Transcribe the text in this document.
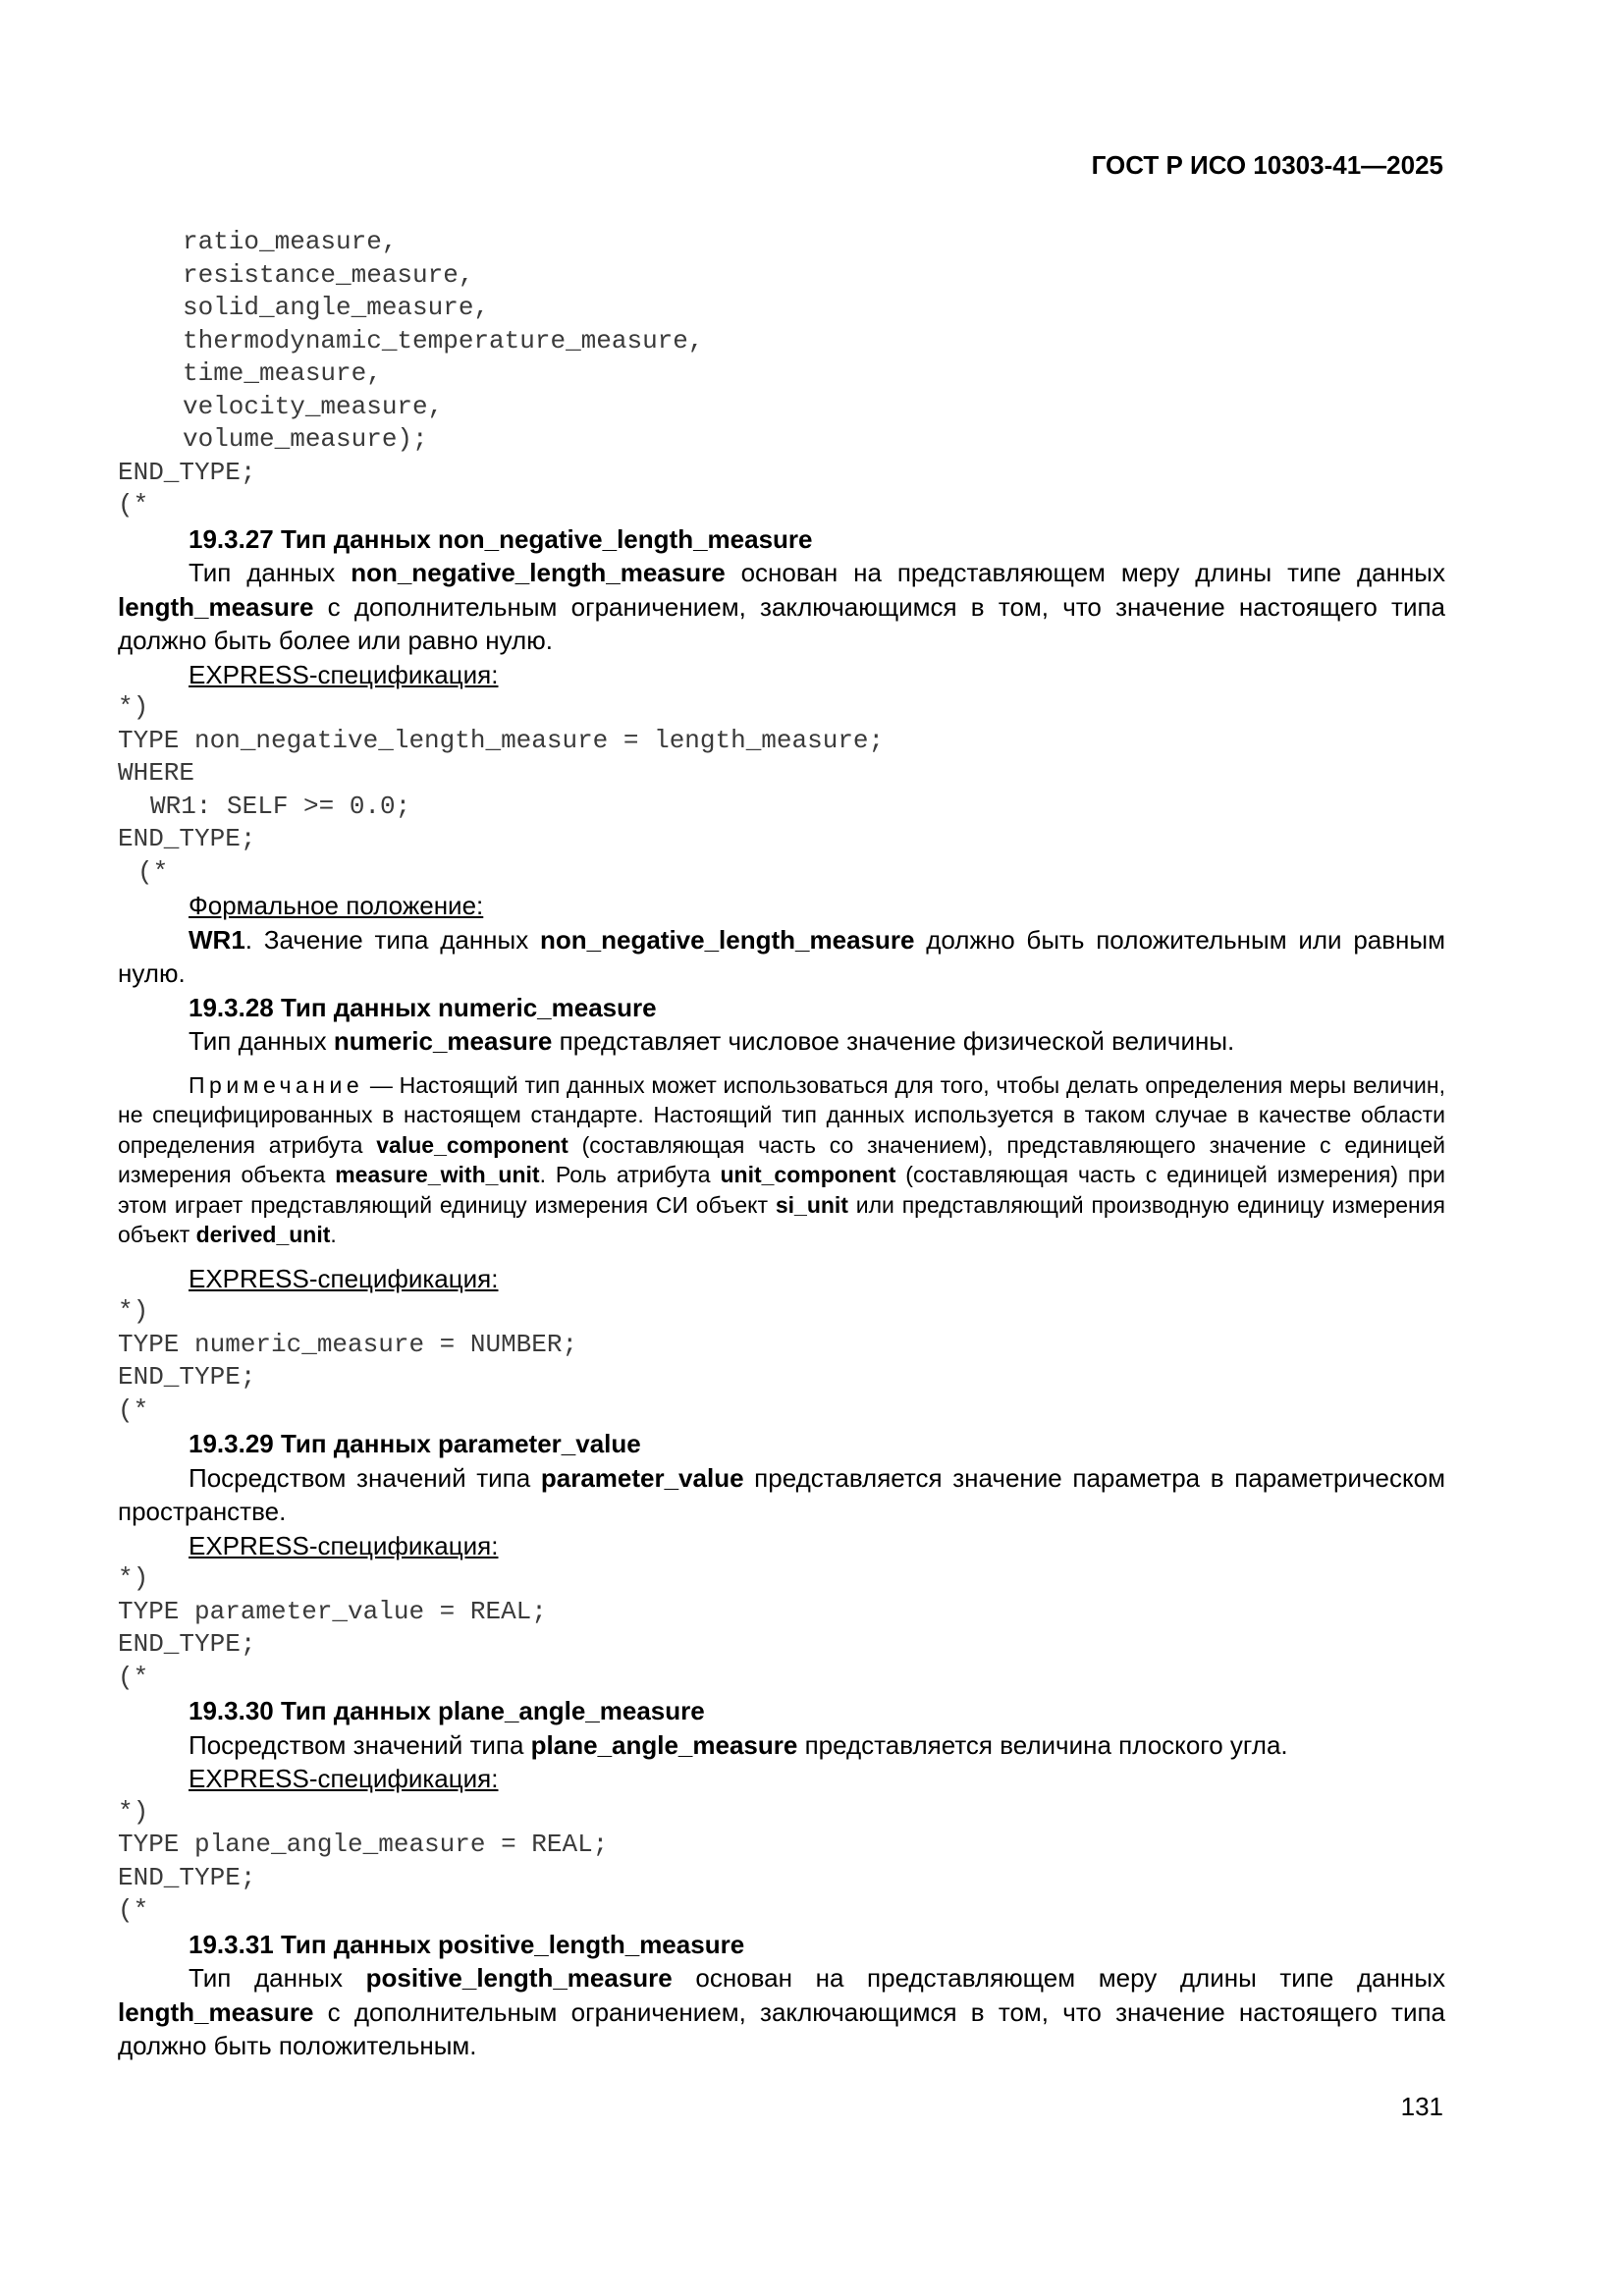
ГОСТ Р ИСО 10303-41—2025
ratio_measure,
resistance_measure,
solid_angle_measure,
thermodynamic_temperature_measure,
time_measure,
velocity_measure,
volume_measure);
END_TYPE;
(*
19.3.27 Тип данных non_negative_length_measure
Тип данных non_negative_length_measure основан на представляющем меру длины типе данных length_measure с дополнительным ограничением, заключающимся в том, что значение настоящего типа должно быть более или равно нулю.
EXPRESS-спецификация:
*)
TYPE non_negative_length_measure = length_measure;
WHERE
WR1: SELF >= 0.0;
END_TYPE;
(*
Формальное положение:
WR1. Зачение типа данных non_negative_length_measure должно быть положительным или равным нулю.
19.3.28 Тип данных numeric_measure
Тип данных numeric_measure представляет числовое значение физической величины.
Примечание — Настоящий тип данных может использоваться для того, чтобы делать определения меры величин, не специфицированных в настоящем стандарте. Настоящий тип данных используется в таком случае в качестве области определения атрибута value_component (составляющая часть со значением), представляющего значение с единицей измерения объекта measure_with_unit. Роль атрибута unit_component (составляющая часть с единицей измерения) при этом играет представляющий единицу измерения СИ объект si_unit или представляющий производную единицу измерения объект derived_unit.
EXPRESS-спецификация:
*)
TYPE numeric_measure = NUMBER;
END_TYPE;
(*
19.3.29 Тип данных parameter_value
Посредством значений типа parameter_value представляется значение параметра в параметрическом пространстве.
EXPRESS-спецификация:
*)
TYPE parameter_value = REAL;
END_TYPE;
(*
19.3.30 Тип данных plane_angle_measure
Посредством значений типа plane_angle_measure представляется величина плоского угла.
EXPRESS-спецификация:
*)
TYPE plane_angle_measure = REAL;
END_TYPE;
(*
19.3.31 Тип данных positive_length_measure
Тип данных positive_length_measure основан на представляющем меру длины типе данных length_measure с дополнительным ограничением, заключающимся в том, что значение настоящего типа должно быть положительным.
131
